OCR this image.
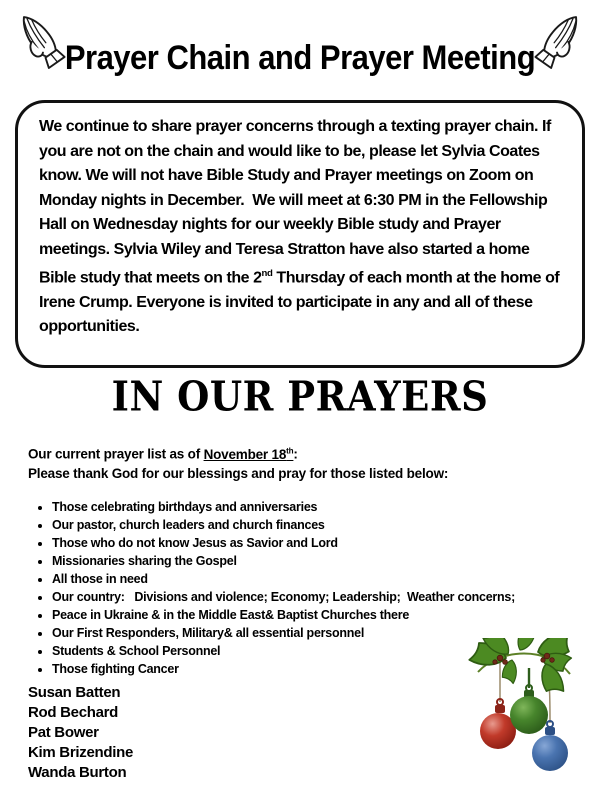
Prayer Chain and Prayer Meeting

We continue to share prayer concerns through a texting prayer chain. If you are not on the chain and would like to be, please let Sylvia Coates know. We will not have Bible Study and Prayer meetings on Zoom on Monday nights in December.  We will meet at 6:30 PM in the Fellowship Hall on Wednesday nights for our weekly Bible study and Prayer meetings. Sylvia Wiley and Teresa Stratton have also started a home Bible study that meets on the 2nd Thursday of each month at the home of Irene Crump. Everyone is invited to participate in any and all of these opportunities.

IN OUR PRAYERS

Our current prayer list as of November 18th:

Please thank God for our blessings and pray for those listed below:

• Those celebrating birthdays and anniversaries
• Our pastor, church leaders and church finances
• Those who do not know Jesus as Savior and Lord
• Missionaries sharing the Gospel
• All those in need
• Our country:   Divisions and violence; Economy; Leadership;  Weather concerns;
• Peace in Ukraine & in the Middle East& Baptist Churches there
• Our First Responders, Military& all essential personnel
• Students & School Personnel
• Those fighting Cancer
Susan Batten
Rod Bechard
Pat Bower
Kim Brizendine
Wanda Burton
